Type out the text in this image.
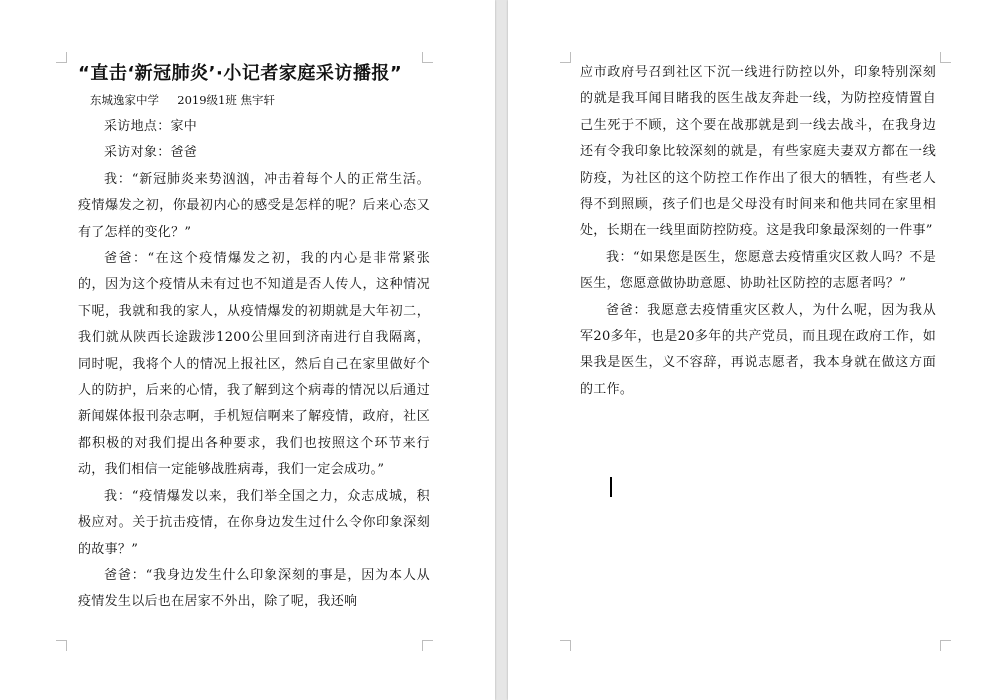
“直击‘新冠肺炎’·小记者家庭采访播报”

东城逸家中学     2019级1班 焦宇轩

采访地点：家中

采访对象：爸爸

我：“新冠肺炎来势汹汹，冲击着每个人的正常生活。疫情爆发之初，你最初内心的感受是怎样的呢？后来心态又有了怎样的变化？”

爸爸：“在这个疫情爆发之初，我的内心是非常紧张的，因为这个疫情从未有过也不知道是否人传人，这种情况下呢，我就和我的家人，从疫情爆发的初期就是大年初二，我们就从陕西长途跋涉1200公里回到济南进行自我隔离，同时呢，我将个人的情况上报社区，然后自己在家里做好个人的防护，后来的心情，我了解到这个病毒的情况以后通过新闻媒体报刊杂志啊，手机短信啊来了解疫情，政府，社区都积极的对我们提出各种要求，我们也按照这个环节来行动，我们相信一定能够战胜病毒，我们一定会成功。”

我：“疫情爆发以来，我们举全国之力，众志成城，积极应对。关于抗击疫情，在你身边发生过什么令你印象深刻的故事？”

爸爸：“我身边发生什么印象深刻的事是，因为本人从疫情发生以后也在居家不外出，除了呢，我还响

应市政府号召到社区下沉一线进行防控以外，印象特别深刻的就是我耳闻目睹我的医生战友奔赴一线，为防控疫情置自己生死于不顾，这个要在战那就是到一线去战斗，在我身边还有令我印象比较深刻的就是，有些家庭夫妻双方都在一线防疫，为社区的这个防控工作作出了很大的牺牲，有些老人得不到照顾，孩子们也是父母没有时间来和他共同在家里相处，长期在一线里面防控防疫。这是我印象最深刻的一件事”

我：“如果您是医生，您愿意去疫情重灾区救人吗？不是医生，您愿意做协助意愿、协助社区防控的志愿者吗？”

爸爸：我愿意去疫情重灾区救人，为什么呢，因为我从军20多年，也是20多年的共产党员，而且现在政府工作，如果我是医生，义不容辞，再说志愿者，我本身就在做这方面的工作。
